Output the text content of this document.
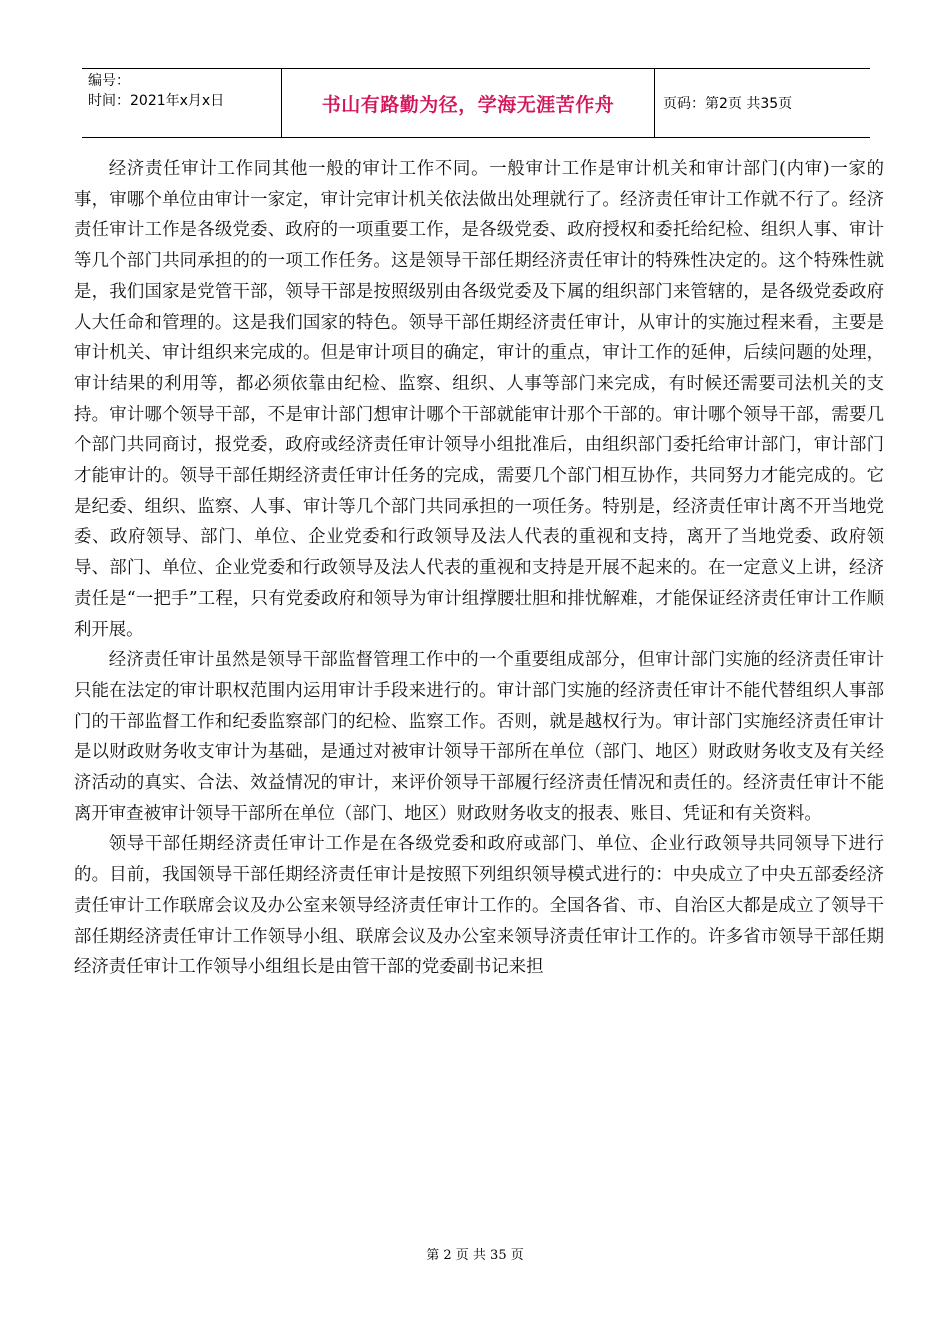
编号：
时间：2021年x月x日	书山有路勤为径，学海无涯苦作舟	页码：第2页 共35页

经济责任审计工作同其他一般的审计工作不同。一般审计工作是审计机关和审计部门(内审)一家的事，审哪个单位由审计一家定，审计完审计机关依法做出处理就行了。经济责任审计工作就不行了。经济责任审计工作是各级党委、政府的一项重要工作，是各级党委、政府授权和委托给纪检、组织人事、审计等几个部门共同承担的的一项工作任务。这是领导干部任期经济责任审计的特殊性决定的。这个特殊性就是，我们国家是党管干部，领导干部是按照级别由各级党委及下属的组织部门来管辖的，是各级党委政府人大任命和管理的。这是我们国家的特色。领导干部任期经济责任审计，从审计的实施过程来看，主要是审计机关、审计组织来完成的。但是审计项目的确定，审计的重点，审计工作的延伸，后续问题的处理，审计结果的利用等，都必须依靠由纪检、监察、组织、人事等部门来完成，有时候还需要司法机关的支持。审计哪个领导干部，不是审计部门想审计哪个干部就能审计那个干部的。审计哪个领导干部，需要几个部门共同商讨，报党委，政府或经济责任审计领导小组批准后，由组织部门委托给审计部门，审计部门才能审计的。领导干部任期经济责任审计任务的完成，需要几个部门相互协作，共同努力才能完成的。它是纪委、组织、监察、人事、审计等几个部门共同承担的一项任务。特别是，经济责任审计离不开当地党委、政府领导、部门、单位、企业党委和行政领导及法人代表的重视和支持，离开了当地党委、政府领导、部门、单位、企业党委和行政领导及法人代表的重视和支持是开展不起来的。在一定意义上讲，经济责任是“一把手”工程，只有党委政府和领导为审计组撑腰壮胆和排忧解难，才能保证经济责任审计工作顺利开展。

经济责任审计虽然是领导干部监督管理工作中的一个重要组成部分，但审计部门实施的经济责任审计只能在法定的审计职权范围内运用审计手段来进行的。审计部门实施的经济责任审计不能代替组织人事部门的干部监督工作和纪委监察部门的纪检、监察工作。否则，就是越权行为。审计部门实施经济责任审计是以财政财务收支审计为基础，是通过对被审计领导干部所在单位（部门、地区）财政财务收支及有关经济活动的真实、合法、效益情况的审计，来评价领导干部履行经济责任情况和责任的。经济责任审计不能离开审查被审计领导干部所在单位（部门、地区）财政财务收支的报表、账目、凭证和有关资料。

领导干部任期经济责任审计工作是在各级党委和政府或部门、单位、企业行政领导共同领导下进行的。目前，我国领导干部任期经济责任审计是按照下列组织领导模式进行的：中央成立了中央五部委经济责任审计工作联席会议及办公室来领导经济责任审计工作的。全国各省、市、自治区大都是成立了领导干部任期经济责任审计工作领导小组、联席会议及办公室来领导济责任审计工作的。许多省市领导干部任期经济责任审计工作领导小组组长是由管干部的党委副书记来担

第 2 页 共 35 页
